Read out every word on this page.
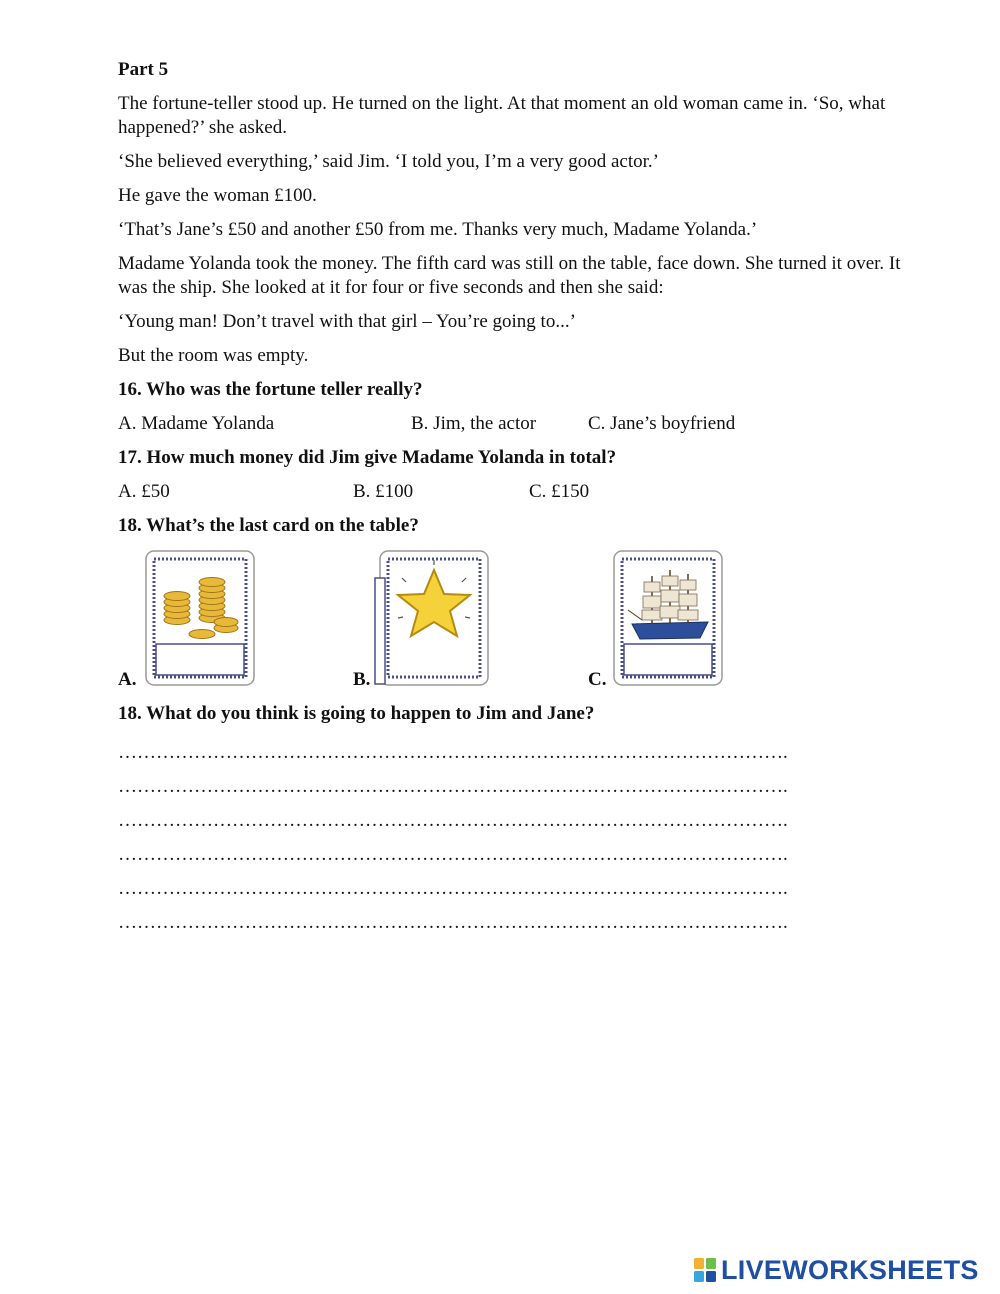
Part 5

The fortune-teller stood up. He turned on the light. At that moment an old woman came in. ‘So, what happened?’ she asked.

‘She believed everything,’ said Jim. ‘I told you, I’m a very good actor.’

He gave the woman £100.

‘That’s Jane’s £50 and another £50 from me. Thanks very much, Madame Yolanda.’

Madame Yolanda took the money. The fifth card was still on the table, face down. She turned it over. It was the ship. She looked at it for four or five seconds and then she said:

‘Young man! Don’t travel with that girl – You’re going to...’

But the room was empty.

16. Who was the fortune teller really?

A. Madame Yolanda	B. Jim, the actor	C. Jane’s boyfriend

17. How much money did Jim give Madame Yolanda in total?

A. £50	B. £100	C. £150

18. What’s the last card on the table?

A.	B.	C.

18. What do you think is going to happen to Jim and Jane?

…………………………………………………………………………………………….

…………………………………………………………………………………………….

…………………………………………………………………………………………….

…………………………………………………………………………………………….

…………………………………………………………………………………………….

…………………………………………………………………………………………….

LIVEWORKSHEETS
